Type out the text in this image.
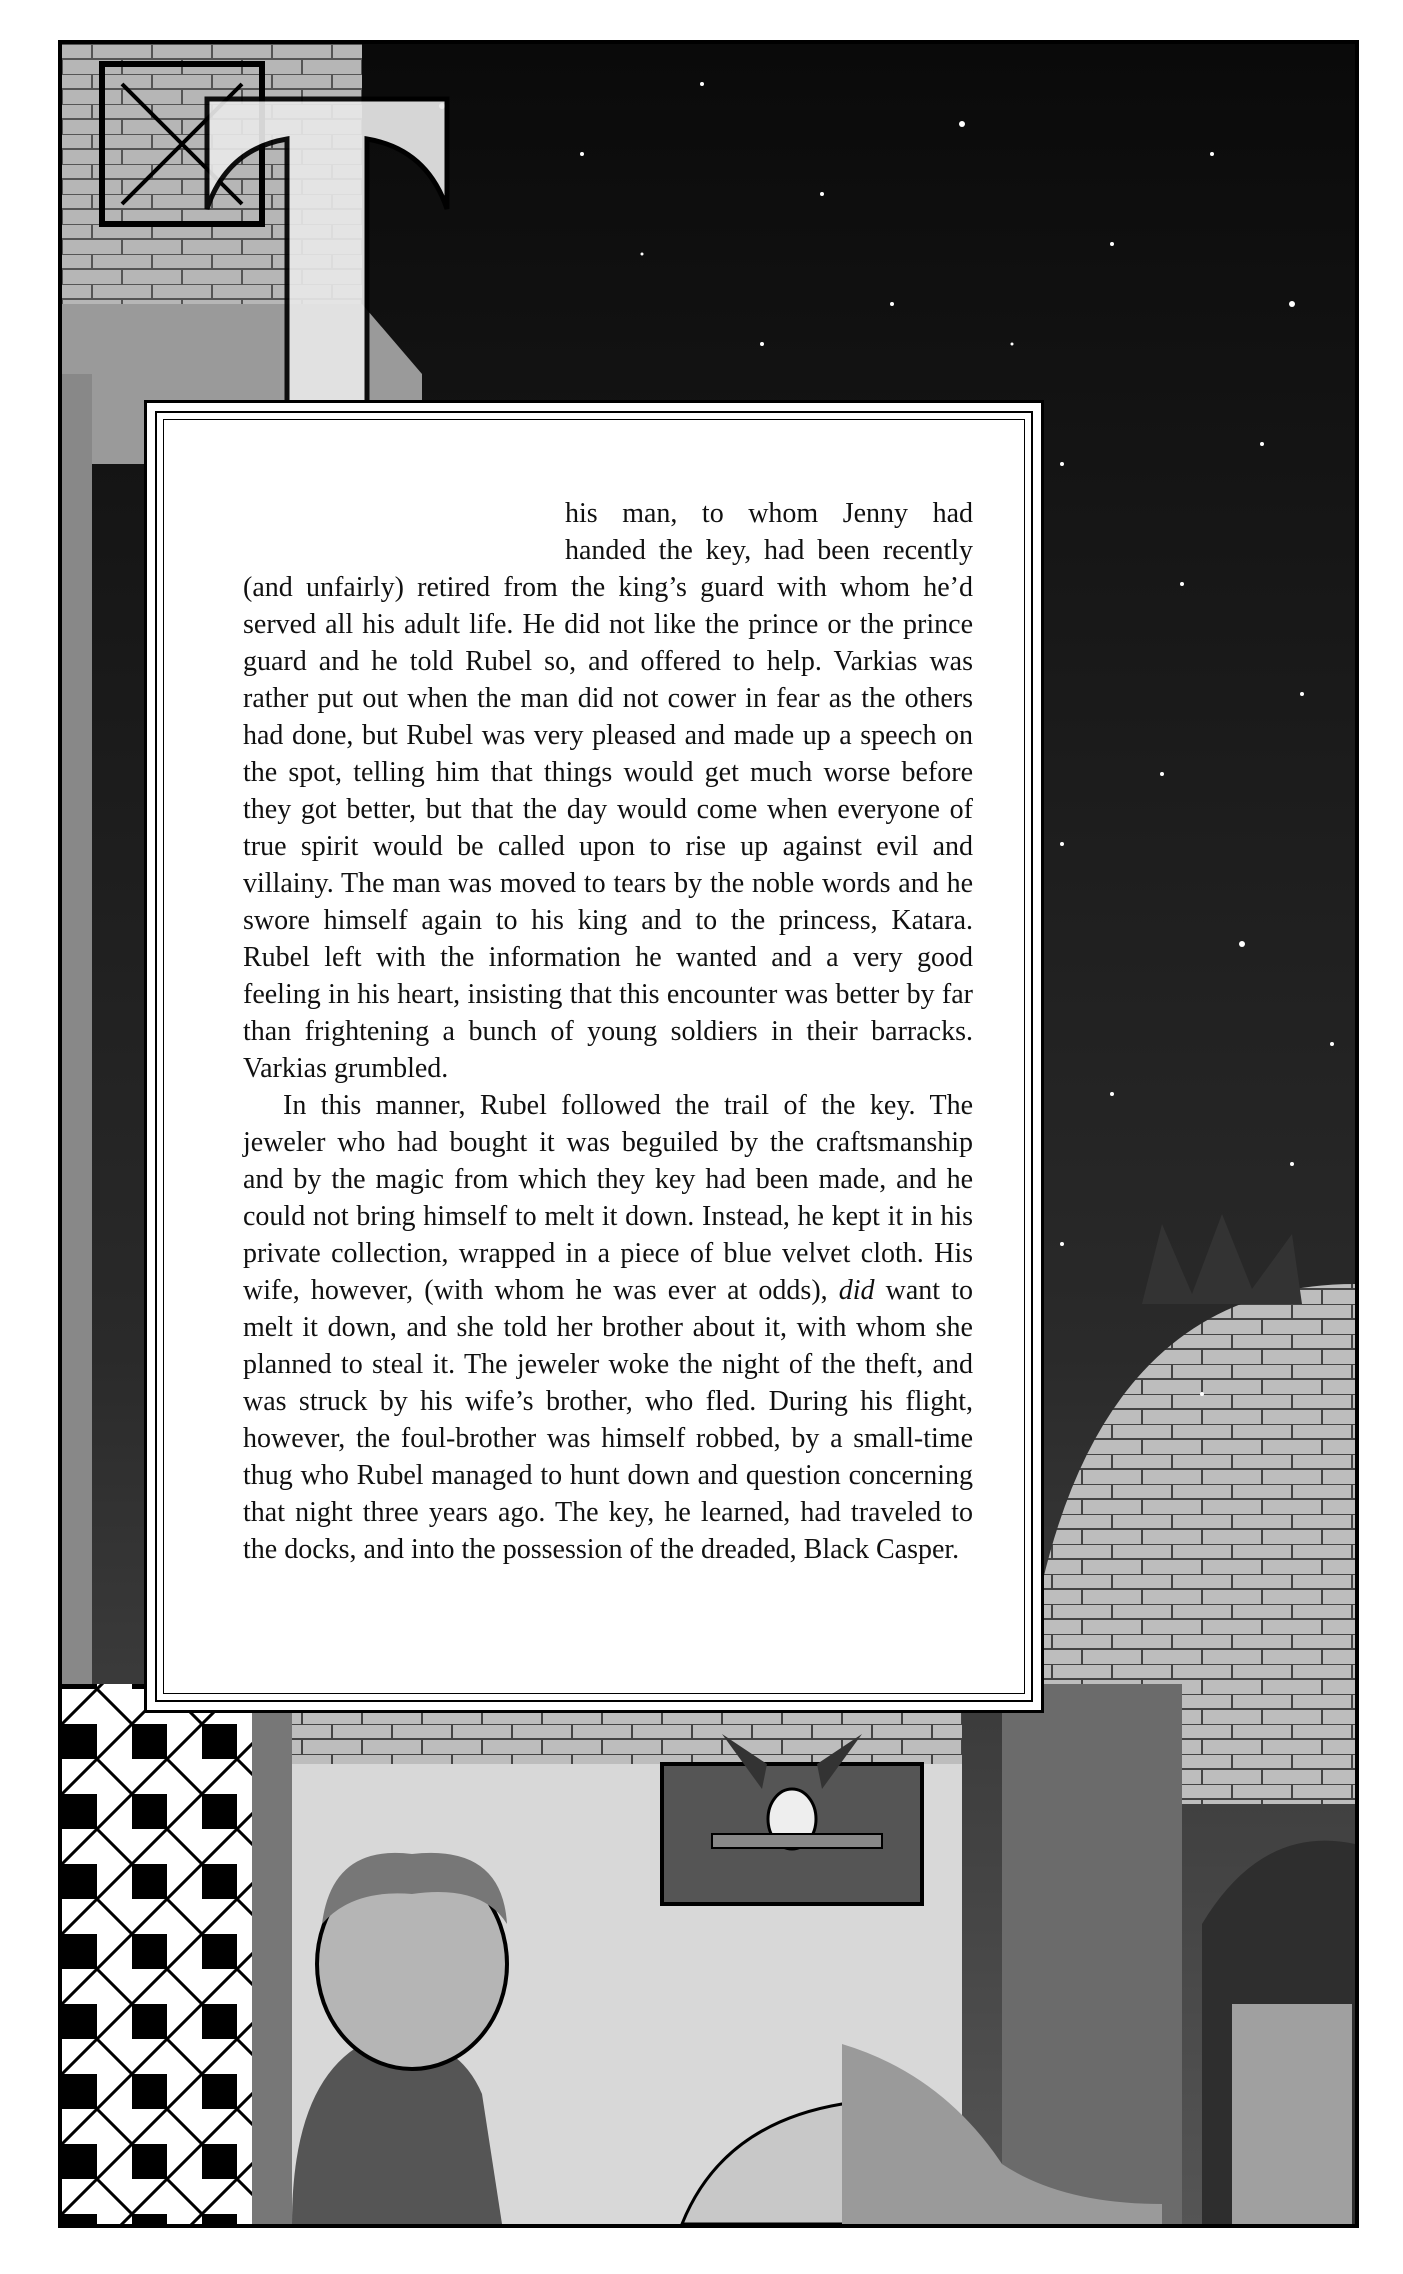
his man, to whom Jenny had handed the key, had been recently (and unfairly) retired from the king’s guard with whom he’d served all his adult life. He did not like the prince or the prince guard and he told Rubel so, and offered to help. Varkias was rather put out when the man did not cower in fear as the others had done, but Rubel was very pleased and made up a speech on the spot, telling him that things would get much worse before they got better, but that the day would come when everyone of true spirit would be called upon to rise up against evil and villainy. The man was moved to tears by the noble words and he swore himself again to his king and to the princess, Katara. Rubel left with the information he wanted and a very good feeling in his heart, insisting that this encounter was better by far than frightening a bunch of young soldiers in their barracks. Varkias grumbled.

In this manner, Rubel followed the trail of the key. The jeweler who had bought it was beguiled by the craftsmanship and by the magic from which they key had been made, and he could not bring himself to melt it down. Instead, he kept it in his private collection, wrapped in a piece of blue velvet cloth. His wife, however, (with whom he was ever at odds), did want to melt it down, and she told her brother about it, with whom she planned to steal it. The jeweler woke the night of the theft, and was struck by his wife’s brother, who fled. During his flight, however, the foul-brother was himself robbed, by a small-time thug who Rubel managed to hunt down and question concerning that night three years ago. The key, he learned, had traveled to the docks, and into the possession of the dreaded, Black Casper.
